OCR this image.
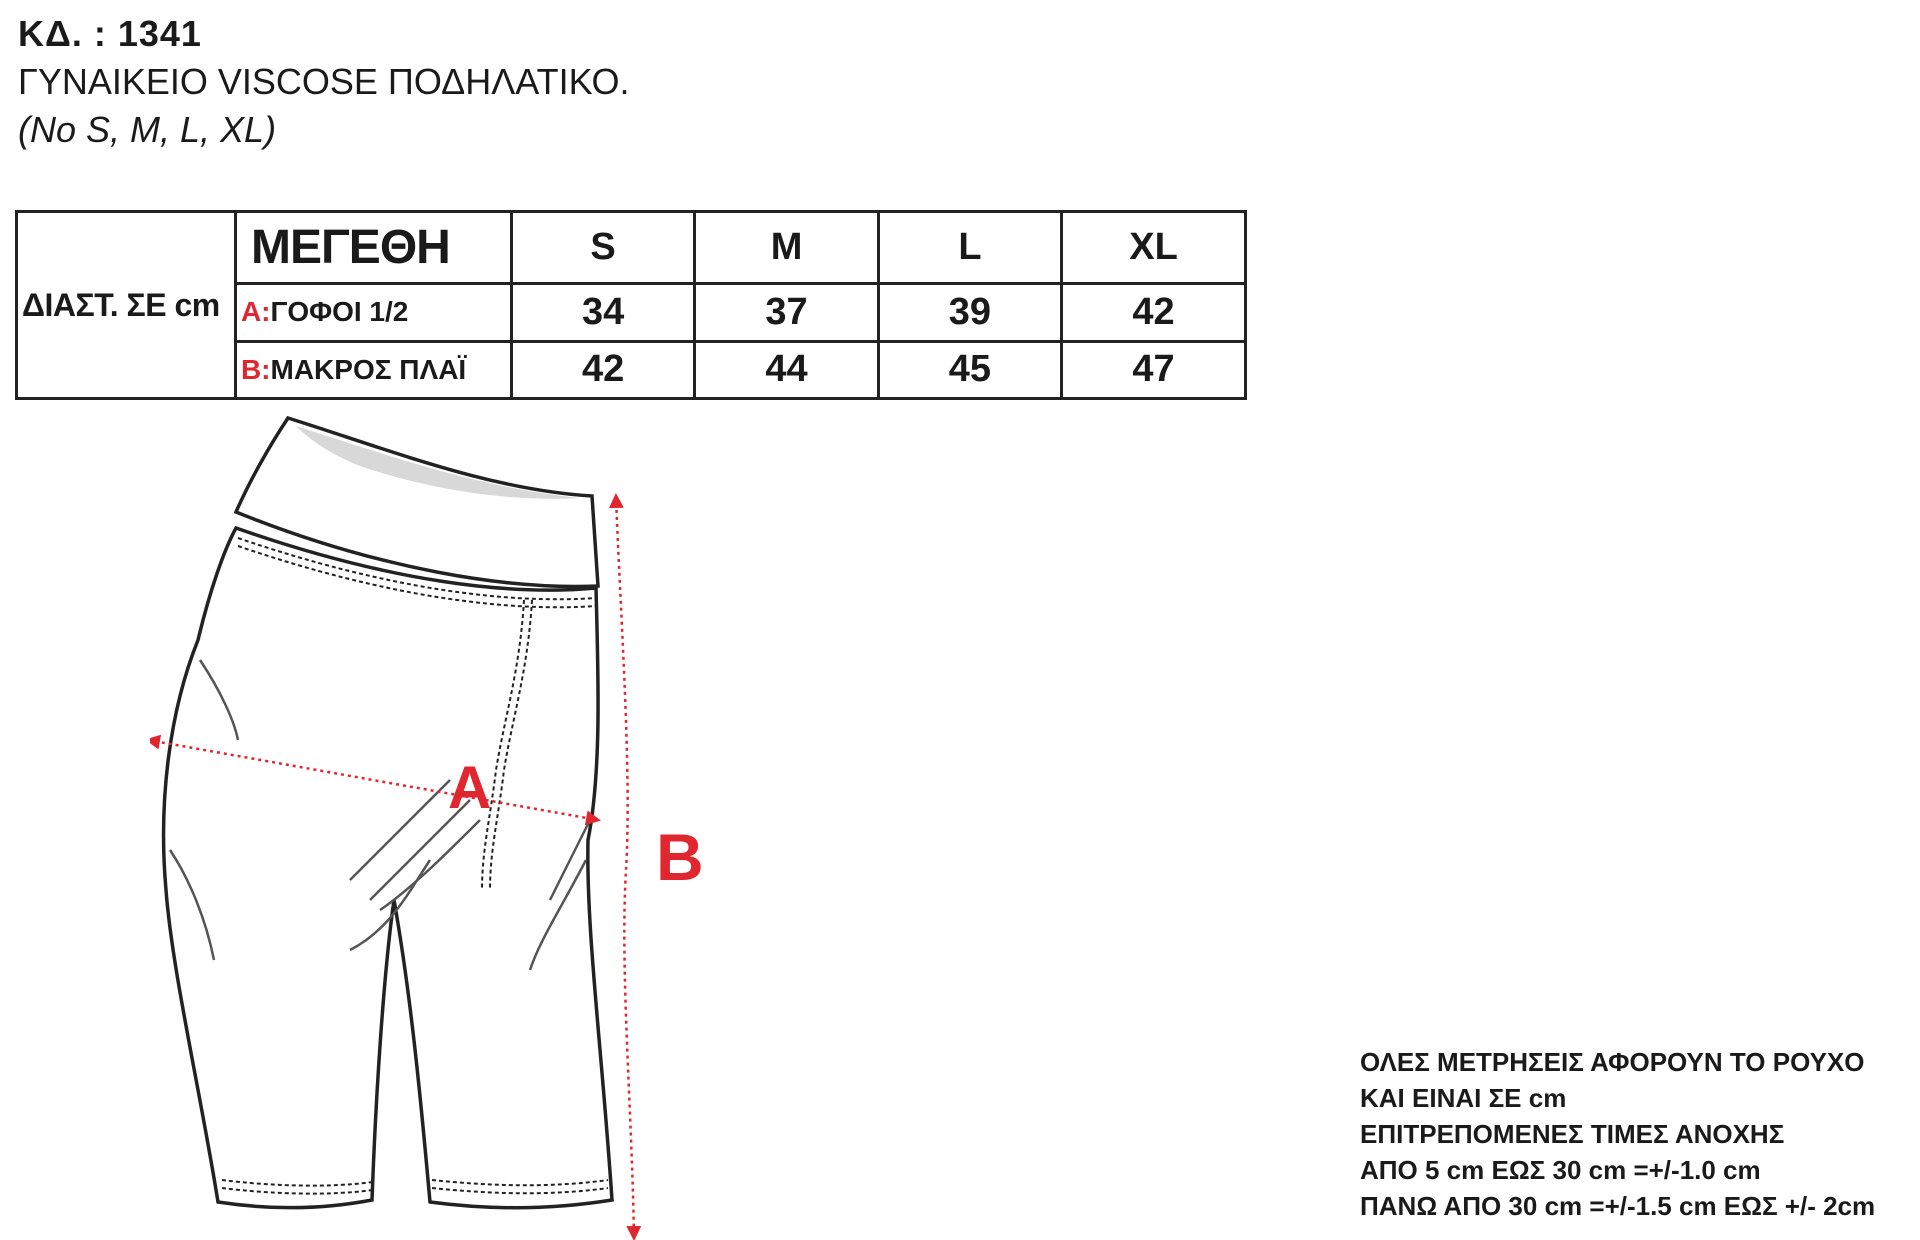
ΚΔ. : 1341
ΓΥΝΑΙΚΕΙΟ VISCOSE ΠΟΔΗΛΑΤΙΚΟ.
(No S, M, L, XL)
ΔΙΑΣΤ. ΣΕ cm	ΜΕΓΕΘΗ	S	M	L	XL
	A:ΓΟΦΟΙ 1/2	34	37	39	42
	B:ΜΑΚΡΟΣ ΠΛΑΪ	42	44	45	47
A
B
ΟΛΕΣ ΜΕΤΡΗΣΕΙΣ ΑΦΟΡΟΥΝ ΤΟ ΡΟΥΧΟ
ΚΑΙ ΕΙΝΑΙ ΣΕ cm
ΕΠΙΤΡΕΠΟΜΕΝΕΣ ΤΙΜΕΣ ΑΝΟΧΗΣ
ΑΠΟ 5 cm ΕΩΣ 30 cm =+/-1.0 cm
ΠΑΝΩ ΑΠΟ 30 cm =+/-1.5 cm ΕΩΣ +/- 2cm
